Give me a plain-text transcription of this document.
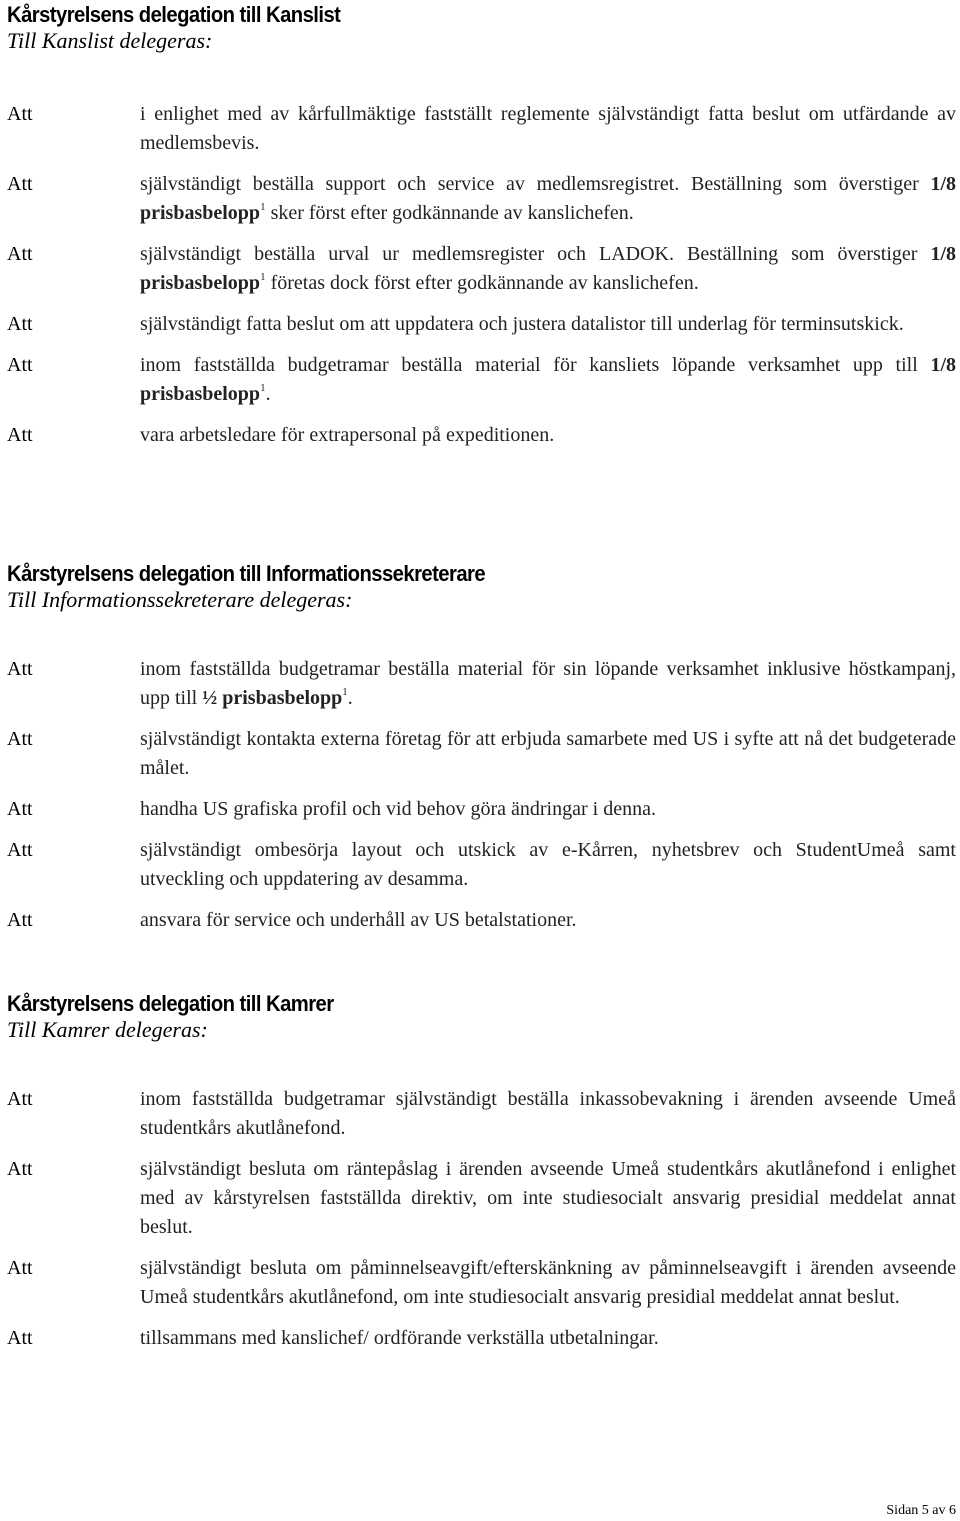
Kårstyrelsens delegation till Kanslist

Till Kanslist delegeras:

Att	i enlighet med av kårfullmäktige fastställt reglemente självständigt fatta beslut om utfärdande av medlemsbevis.
Att	självständigt beställa support och service av medlemsregistret. Beställning som överstiger 1/8 prisbasbelopp$^1$ sker först efter godkännande av kanslichefen.
Att	självständigt beställa urval ur medlemsregister och LADOK. Beställning som överstiger 1/8 prisbasbelopp$^1$ företas dock först efter godkännande av kanslichefen.
Att	självständigt fatta beslut om att uppdatera och justera datalistor till underlag för terminsutskick.
Att	inom fastställda budgetramar beställa material för kansliets löpande verksamhet upp till 1/8 prisbasbelopp$^1$.
Att	vara arbetsledare för extrapersonal på expeditionen.
Kårstyrelsens delegation till Informationssekreterare

Till Informationssekreterare delegeras:

Att	inom fastställda budgetramar beställa material för sin löpande verksamhet inklusive höstkampanj, upp till ½ prisbasbelopp$^1$.
Att	självständigt kontakta externa företag för att erbjuda samarbete med US i syfte att nå det budgeterade målet.
Att	handha US grafiska profil och vid behov göra ändringar i denna.
Att	självständigt ombesörja layout och utskick av e-Kårren, nyhetsbrev och StudentUmeå samt utveckling och uppdatering av desamma.
Att	ansvara för service och underhåll av US betalstationer.
Kårstyrelsens delegation till Kamrer

Till Kamrer delegeras:

Att	inom fastställda budgetramar självständigt beställa inkassobevakning i ärenden avseende Umeå studentkårs akutlånefond.
Att	självständigt besluta om räntepåslag i ärenden avseende Umeå studentkårs akutlånefond i enlighet med av kårstyrelsen fastställda direktiv, om inte studiesocialt ansvarig presidial meddelat annat beslut.
Att	självständigt besluta om påminnelseavgift/efterskänkning av påminnelseavgift i ärenden avseende Umeå studentkårs akutlånefond, om inte studiesocialt ansvarig presidial meddelat annat beslut.
Att	tillsammans med kanslichef/ ordförande verkställa utbetalningar.
Sidan 5 av 6
